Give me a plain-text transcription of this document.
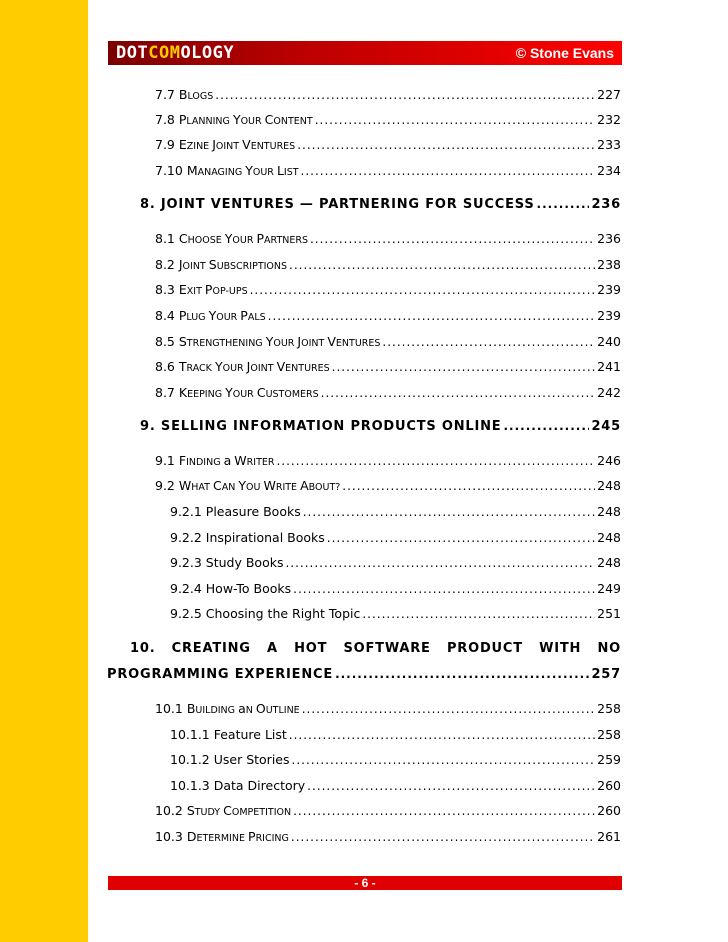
DOTCOMOLOGY	© Stone Evans
7.7 BLOGS .....	227
7.8 PLANNING YOUR CONTENT .....	232
7.9 EZINE JOINT VENTURES .....	233
7.10 MANAGING YOUR LIST .....	234
8. JOINT VENTURES — PARTNERING FOR SUCCESS .....	236
8.1 CHOOSE YOUR PARTNERS .....	236
8.2 JOINT SUBSCRIPTIONS .....	238
8.3 EXIT POP-UPS .....	239
8.4 PLUG YOUR PALS .....	239
8.5 STRENGTHENING YOUR JOINT VENTURES .....	240
8.6 TRACK YOUR JOINT VENTURES .....	241
8.7 KEEPING YOUR CUSTOMERS .....	242
9. SELLING INFORMATION PRODUCTS ONLINE .....	245
9.1 FINDING a WRITER .....	246
9.2 WHAT CAN YOU WRITE ABOUT? .....	248
9.2.1 Pleasure Books .....	248
9.2.2 Inspirational Books .....	248
9.2.3 Study Books .....	248
9.2.4 How-To Books .....	249
9.2.5 Choosing the Right Topic .....	251
10. CREATING A HOT SOFTWARE PRODUCT WITH NO
PROGRAMMING EXPERIENCE .....	257
10.1 BUILDING aN OUTLINE .....	258
10.1.1 Feature List .....	258
10.1.2 User Stories .....	259
10.1.3 Data Directory .....	260
10.2 STUDY COMPETITION .....	260
10.3 DETERMINE PRICING .....	261
- 6 -
